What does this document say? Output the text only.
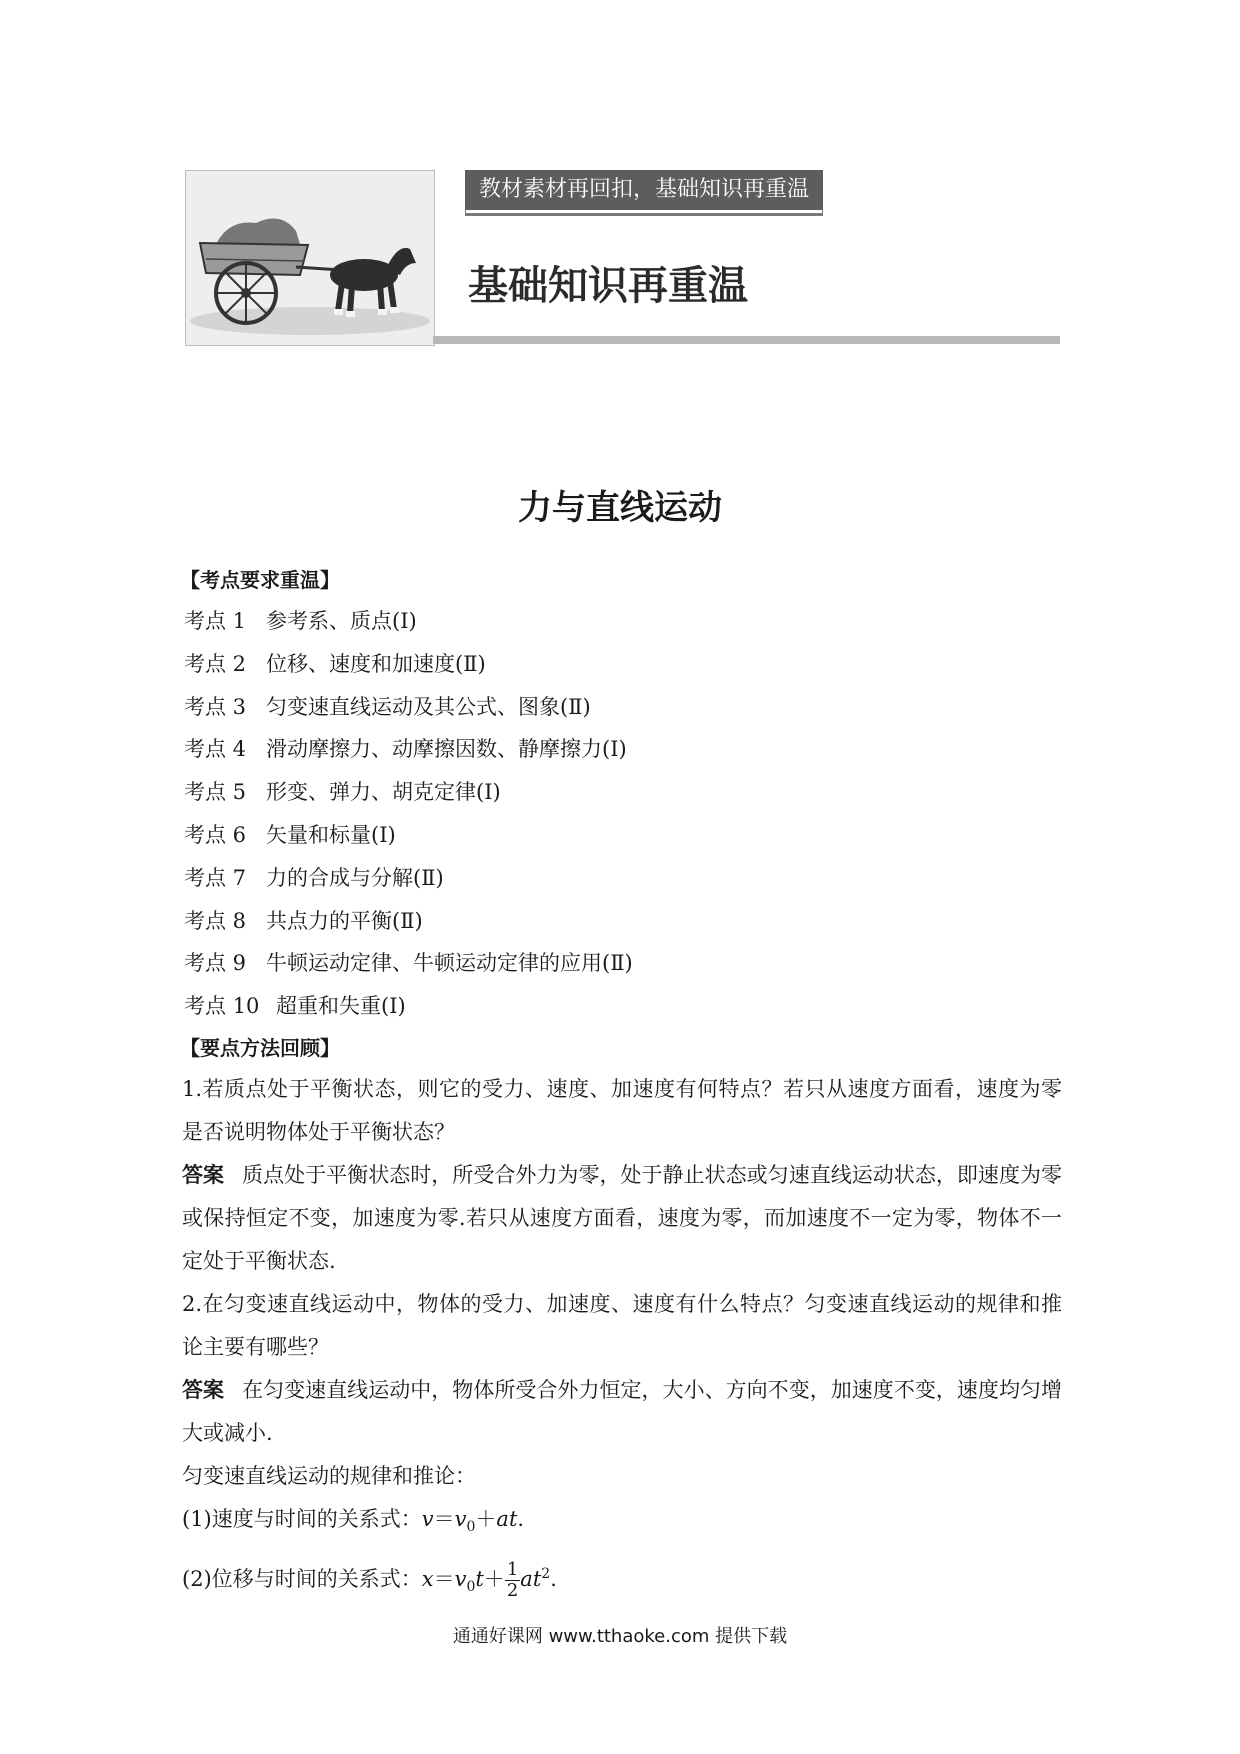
教材素材再回扣，基础知识再重温
基础知识再重温
力与直线运动
【考点要求重温】
考点 1 参考系、质点(Ⅰ)
考点 2 位移、速度和加速度(Ⅱ)
考点 3 匀变速直线运动及其公式、图象(Ⅱ)
考点 4 滑动摩擦力、动摩擦因数、静摩擦力(Ⅰ)
考点 5 形变、弹力、胡克定律(Ⅰ)
考点 6 矢量和标量(Ⅰ)
考点 7 力的合成与分解(Ⅱ)
考点 8 共点力的平衡(Ⅱ)
考点 9 牛顿运动定律、牛顿运动定律的应用(Ⅱ)
考点 10 超重和失重(Ⅰ)
【要点方法回顾】
1.若质点处于平衡状态，则它的受力、速度、加速度有何特点？若只从速度方面看，速度为零是否说明物体处于平衡状态？
答案 质点处于平衡状态时，所受合外力为零，处于静止状态或匀速直线运动状态，即速度为零或保持恒定不变，加速度为零.若只从速度方面看，速度为零，而加速度不一定为零，物体不一定处于平衡状态.
2.在匀变速直线运动中，物体的受力、加速度、速度有什么特点？匀变速直线运动的规律和推论主要有哪些？
答案 在匀变速直线运动中，物体所受合外力恒定，大小、方向不变，加速度不变，速度均匀增大或减小.
匀变速直线运动的规律和推论：
(1)速度与时间的关系式：$v=v_0+at$.
(2)位移与时间的关系式：$x=v_0t+ \frac{1}{2} at^2$.
通通好课网 www.tthaoke.com 提供下载
